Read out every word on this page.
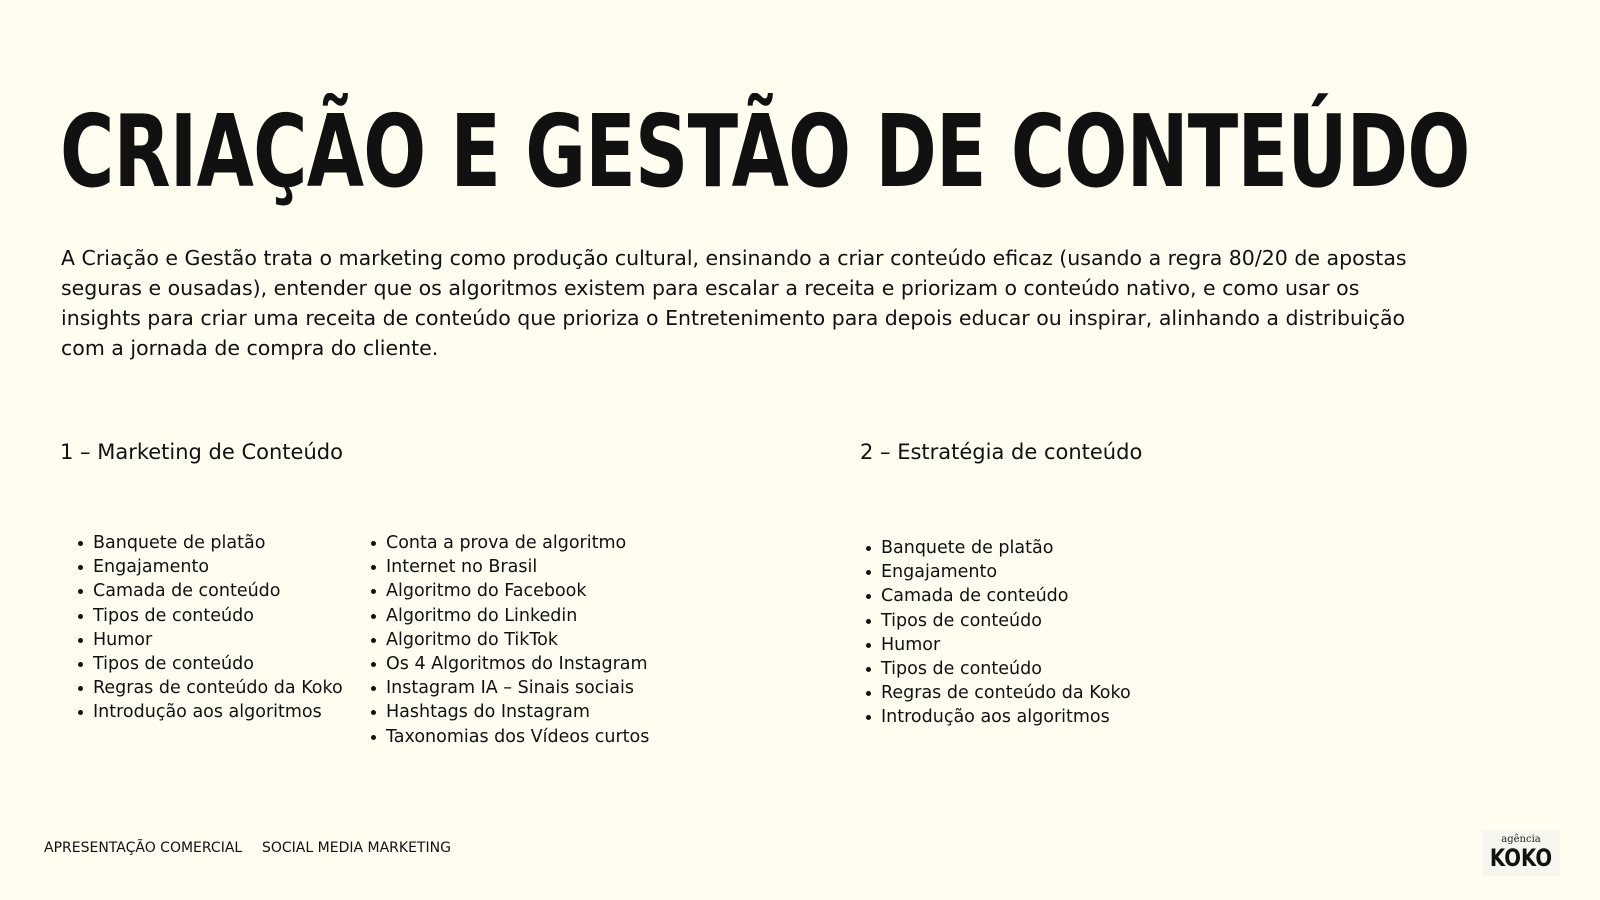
CRIAÇÃO E GESTÃO DE CONTEÚDO

A Criação e Gestão trata o marketing como produção cultural, ensinando a criar conteúdo eficaz (usando a regra 80/20 de apostas seguras e ousadas), entender que os algoritmos existem para escalar a receita e priorizam o conteúdo nativo, e como usar os insights para criar uma receita de conteúdo que prioriza o Entretenimento para depois educar ou inspirar, alinhando a distribuição com a jornada de compra do cliente.

1 – Marketing de Conteúdo
Banquete de platão
Engajamento
Camada de conteúdo
Tipos de conteúdo
Humor
Tipos de conteúdo
Regras de conteúdo da Koko
Introdução aos algoritmos
Conta a prova de algoritmo
Internet no Brasil
Algoritmo do Facebook
Algoritmo do Linkedin
Algoritmo do TikTok
Os 4 Algoritmos do Instagram
Instagram IA – Sinais sociais
Hashtags do Instagram
Taxonomias dos Vídeos curtos
2 – Estratégia de conteúdo
Banquete de platão
Engajamento
Camada de conteúdo
Tipos de conteúdo
Humor
Tipos de conteúdo
Regras de conteúdo da Koko
Introdução aos algoritmos
APRESENTAÇÃO COMERCIAL SOCIAL MEDIA MARKETING
agência
KOKO
